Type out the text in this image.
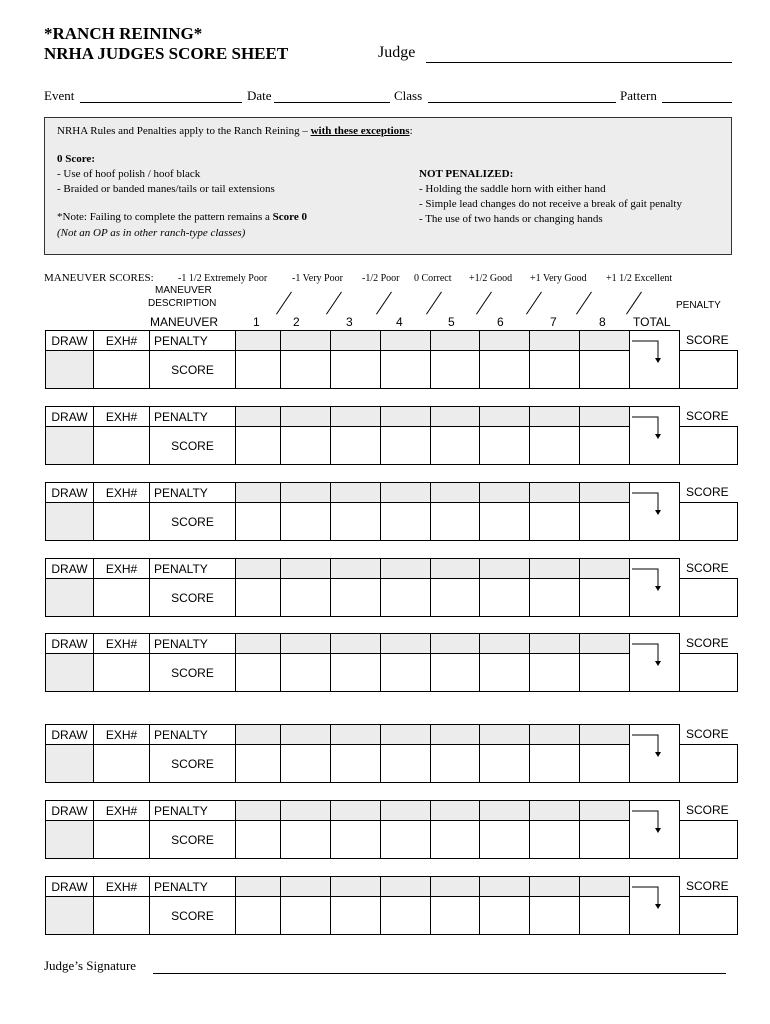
*RANCH REINING*
NRHA JUDGES SCORE SHEET	Judge
Event	Date	Class	Pattern
NRHA Rules and Penalties apply to the Ranch Reining – with these exceptions:
0 Score:
- Use of hoof polish / hoof black
- Braided or banded manes/tails or tail extensions
*Note: Failing to complete the pattern remains a Score 0
(Not an OP as in other ranch-type classes)
NOT PENALIZED:
- Holding the saddle horn with either hand
- Simple lead changes do not receive a break of gait penalty
- The use of two hands or changing hands
MANEUVER SCORES: -1 1/2 Extremely Poor -1 Very Poor -1/2 Poor 0 Correct +1/2 Good +1 Very Good +1 1/2 Excellent
MANEUVER
DESCRIPTION
MANEUVER
PENALTY
1	2	3	4	5	6	7	8 TOTAL
DRAW	EXH#	PENALTY										SCORE
		SCORE										
DRAW	EXH#	PENALTY										SCORE
		SCORE										
DRAW	EXH#	PENALTY										SCORE
		SCORE										
DRAW	EXH#	PENALTY										SCORE
		SCORE										
DRAW	EXH#	PENALTY										SCORE
		SCORE										
DRAW	EXH#	PENALTY										SCORE
		SCORE										
DRAW	EXH#	PENALTY										SCORE
		SCORE										
DRAW	EXH#	PENALTY										SCORE
		SCORE										
Judge’s Signature
